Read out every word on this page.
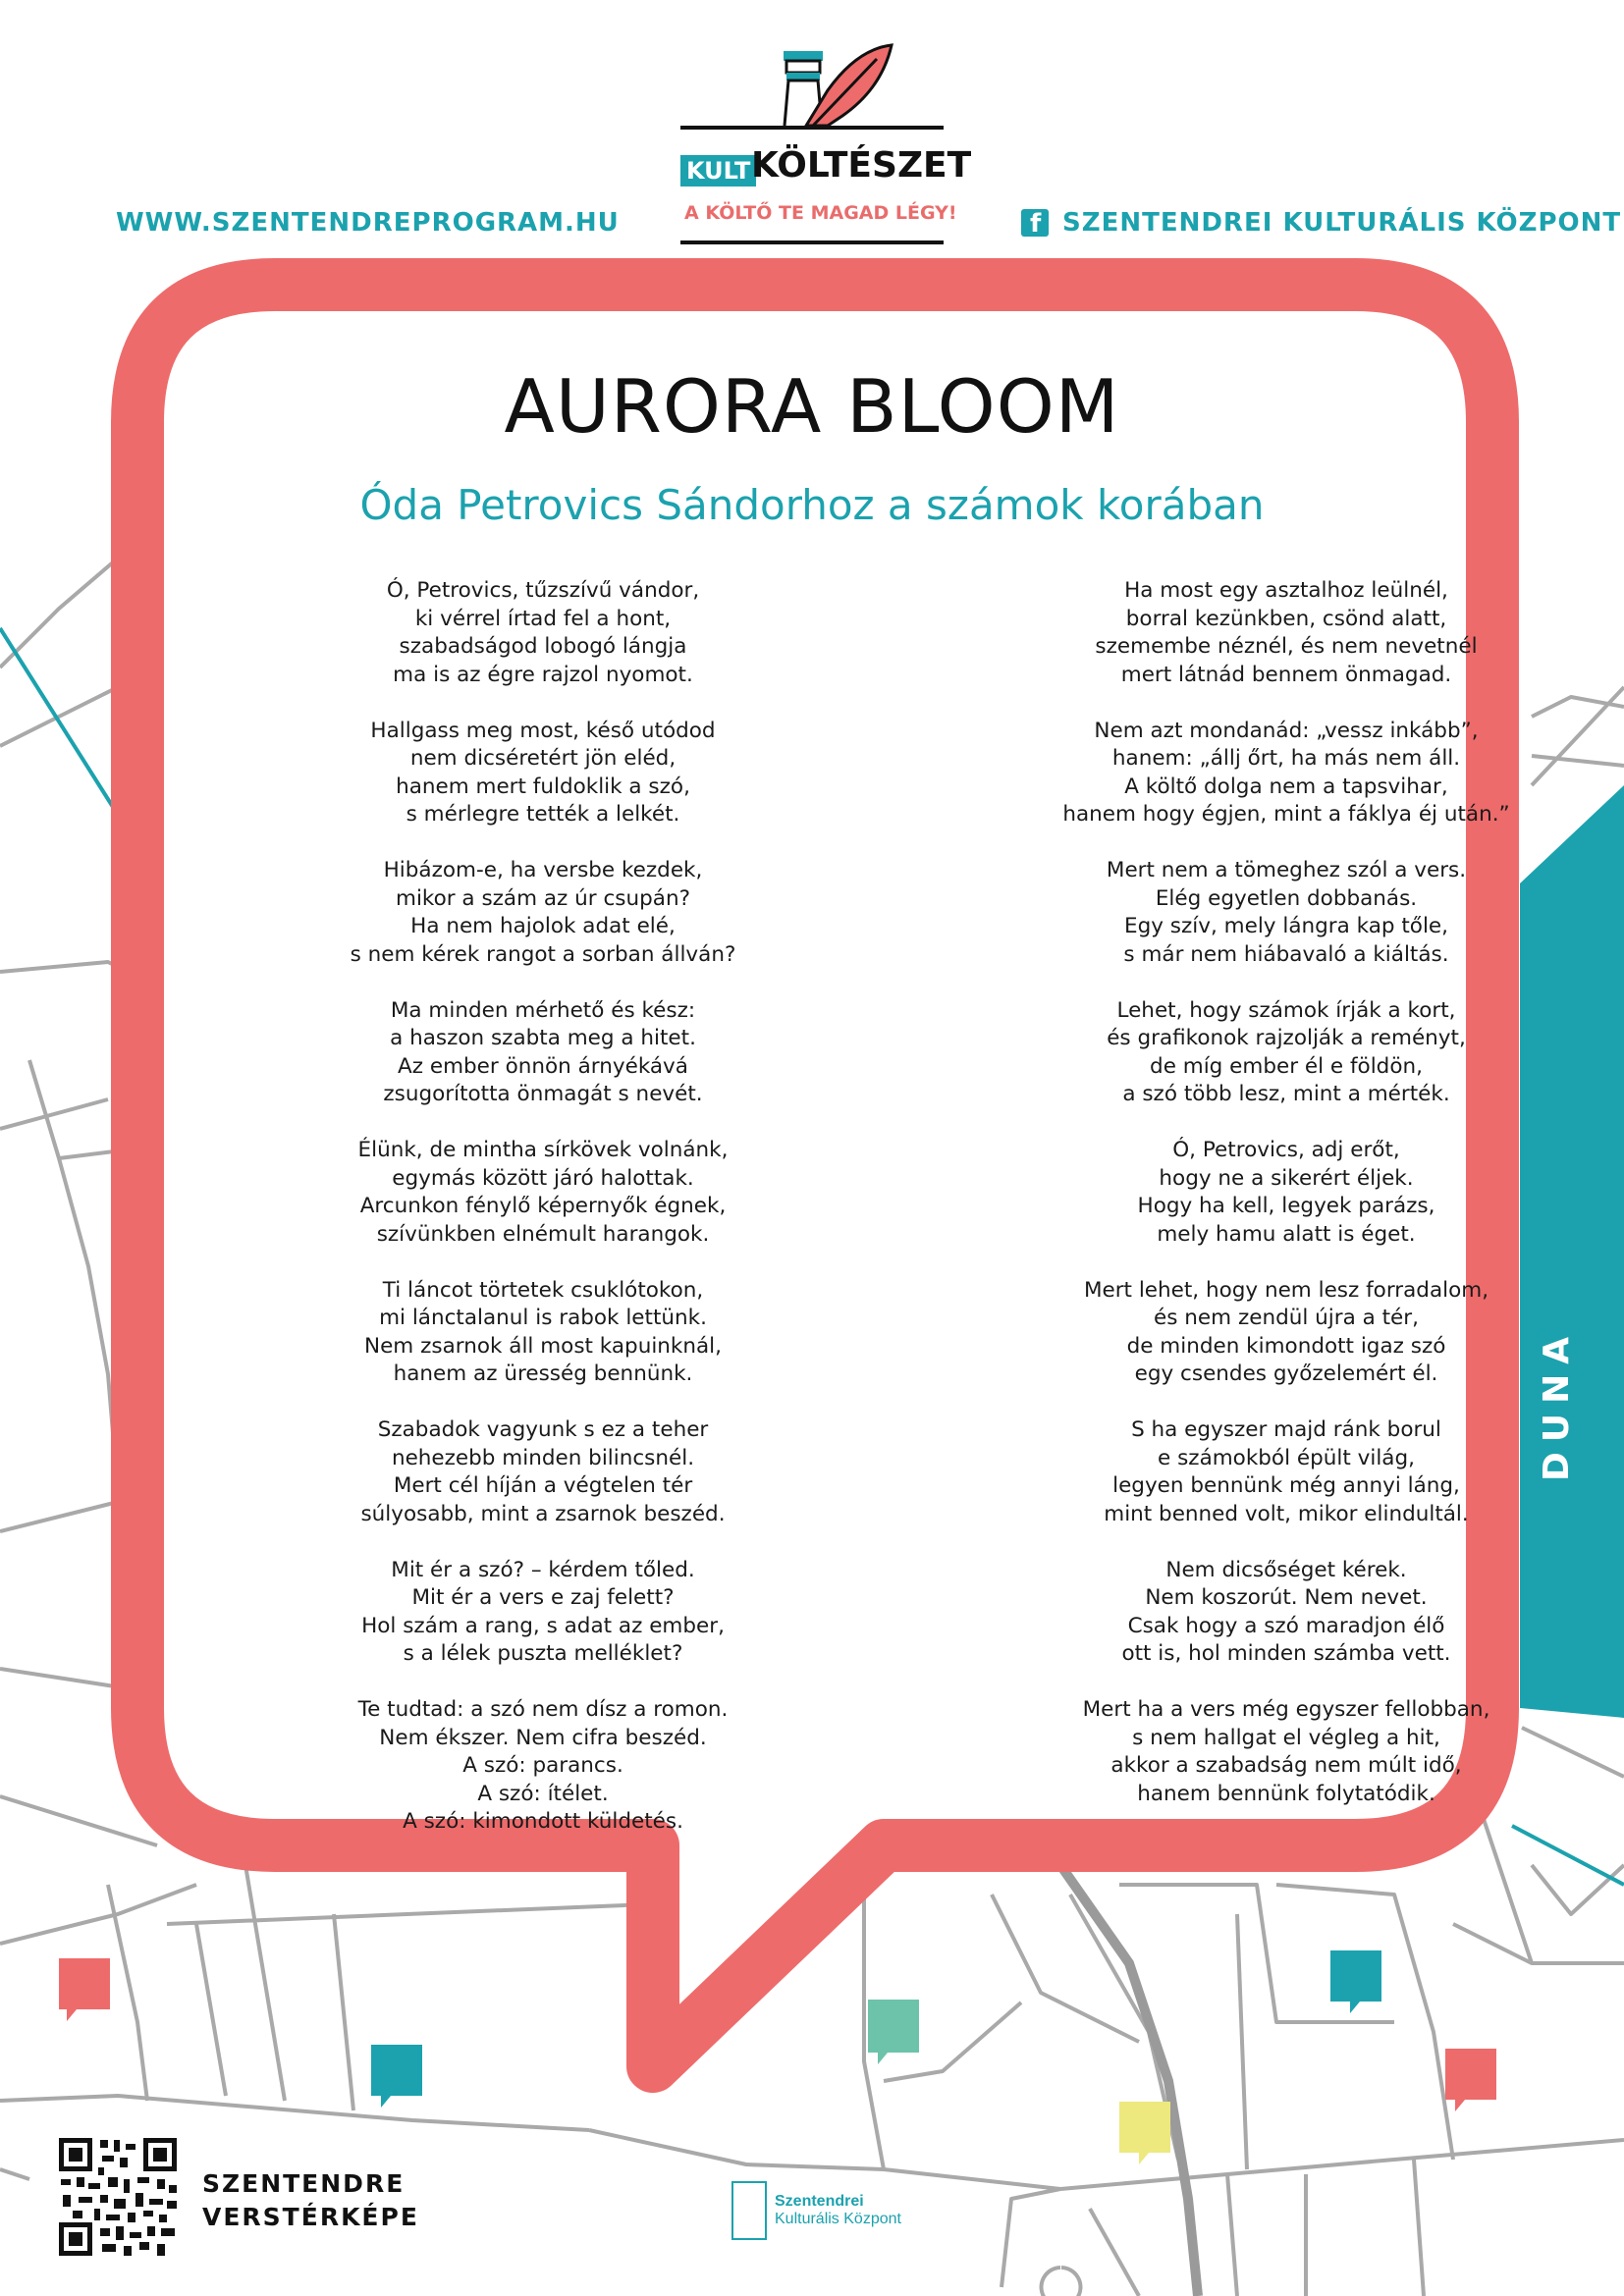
WWW.SZENTENDREPROGRAM.HU
f	SZENTENDREI KULTURÁLIS KÖZPONT
KULT KÖLTÉSZET
A KÖLTŐ TE MAGAD LÉGY!
AURORA BLOOM
Óda Petrovics Sándorhoz a számok korában
Ó, Petrovics, tűzszívű vándor,
ki vérrel írtad fel a hont,
szabadságod lobogó lángja
ma is az égre rajzol nyomot.
Hallgass meg most, késő utódod
nem dicséretért jön eléd,
hanem mert fuldoklik a szó,
s mérlegre tették a lelkét.
Hibázom-e, ha versbe kezdek,
mikor a szám az úr csupán?
Ha nem hajolok adat elé,
s nem kérek rangot a sorban állván?
Ma minden mérhető és kész:
a haszon szabta meg a hitet.
Az ember önnön árnyékává
zsugorította önmagát s nevét.
Élünk, de mintha sírkövek volnánk,
egymás között járó halottak.
Arcunkon fénylő képernyők égnek,
szívünkben elnémult harangok.
Ti láncot törtetek csuklótokon,
mi lánctalanul is rabok lettünk.
Nem zsarnok áll most kapuinknál,
hanem az üresség bennünk.
Szabadok vagyunk s ez a teher
nehezebb minden bilincsnél.
Mert cél híján a végtelen tér
súlyosabb, mint a zsarnok beszéd.
Mit ér a szó? – kérdem tőled.
Mit ér a vers e zaj felett?
Hol szám a rang, s adat az ember,
s a lélek puszta melléklet?
Te tudtad: a szó nem dísz a romon.
Nem ékszer. Nem cifra beszéd.
A szó: parancs.
A szó: ítélet.
A szó: kimondott küldetés.
Ha most egy asztalhoz leülnél,
borral kezünkben, csönd alatt,
szemembe néznél, és nem nevetnél
mert látnád bennem önmagad.
Nem azt mondanád: „vessz inkább”,
hanem: „állj őrt, ha más nem áll.
A költő dolga nem a tapsvihar,
hanem hogy égjen, mint a fáklya éj után.”
Mert nem a tömeghez szól a vers.
Elég egyetlen dobbanás.
Egy szív, mely lángra kap tőle,
s már nem hiábavaló a kiáltás.
Lehet, hogy számok írják a kort,
és grafikonok rajzolják a reményt,
de míg ember él e földön,
a szó több lesz, mint a mérték.
Ó, Petrovics, adj erőt,
hogy ne a sikerért éljek.
Hogy ha kell, legyek parázs,
mely hamu alatt is éget.
Mert lehet, hogy nem lesz forradalom,
és nem zendül újra a tér,
de minden kimondott igaz szó
egy csendes győzelemért él.
S ha egyszer majd ránk borul
e számokból épült világ,
legyen bennünk még annyi láng,
mint benned volt, mikor elindultál.
Nem dicsőséget kérek.
Nem koszorút. Nem nevet.
Csak hogy a szó maradjon élő
ott is, hol minden számba vett.
Mert ha a vers még egyszer fellobban,
s nem hallgat el végleg a hit,
akkor a szabadság nem múlt idő,
hanem bennünk folytatódik.
DUNA
SZENTENDRE
VERSTÉRKÉPE
Szentendrei
Kulturális Központ
